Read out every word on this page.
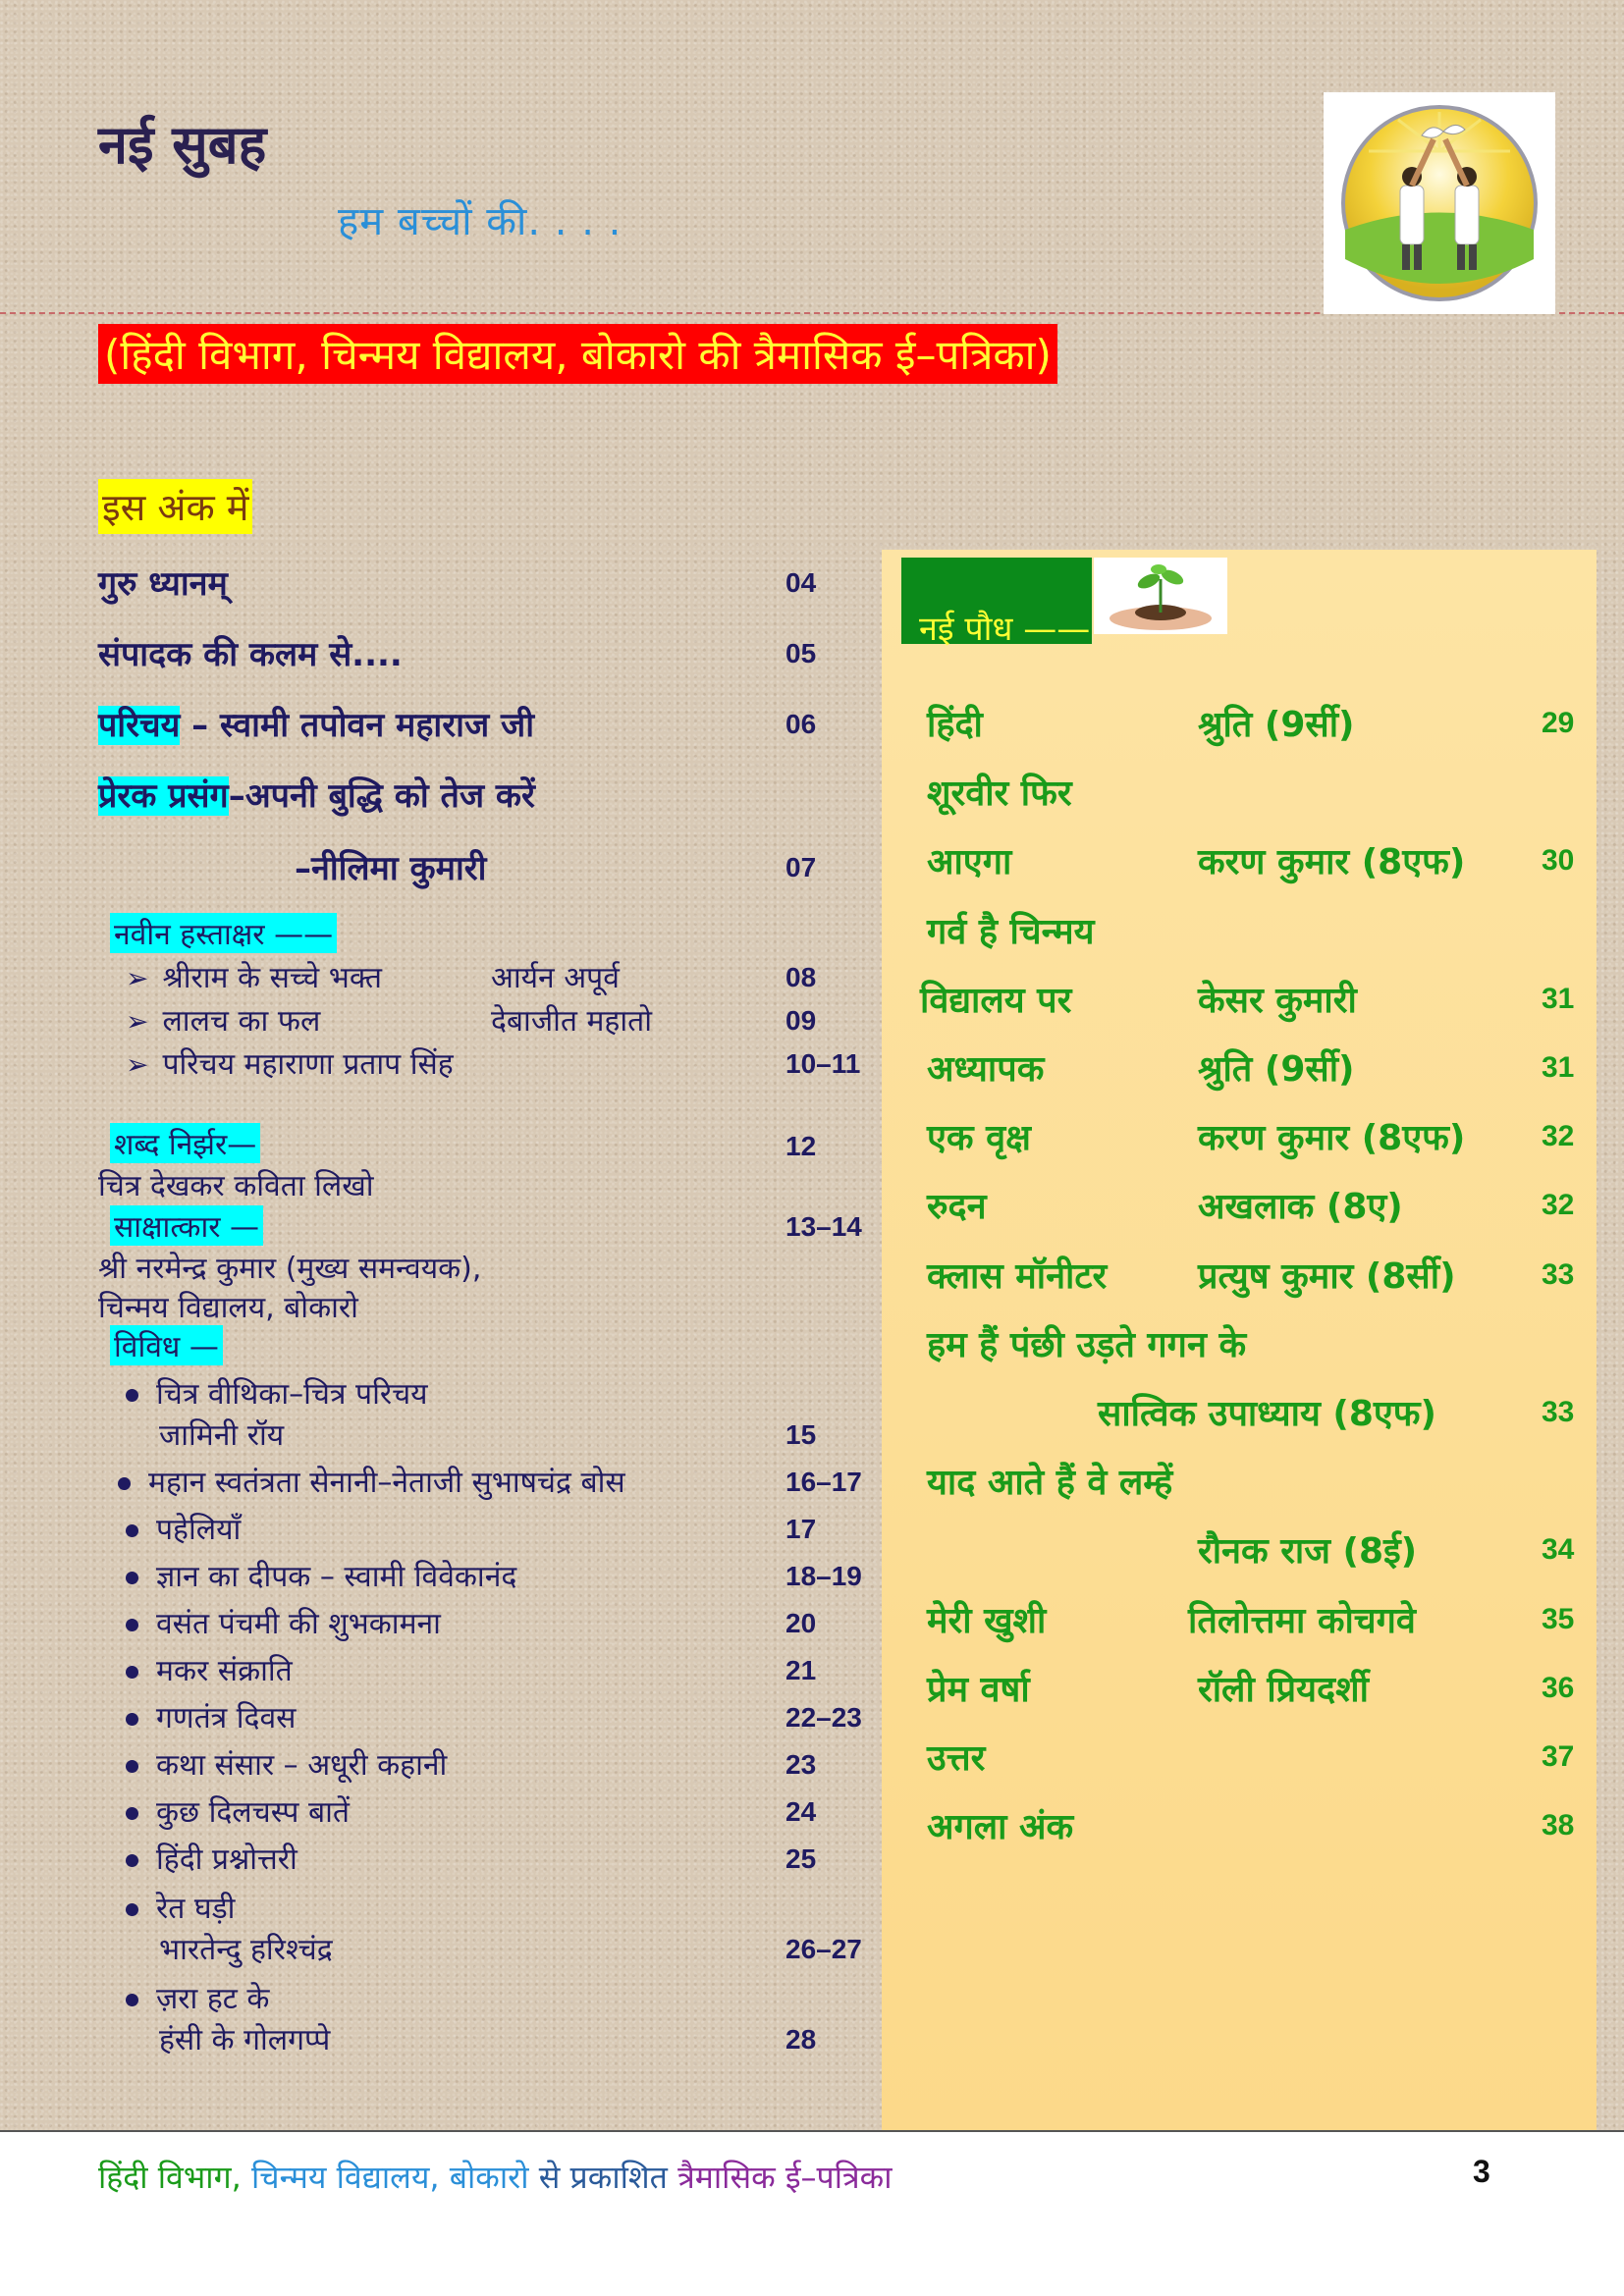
नई सुबह
हम बच्चों की. . . .
(हिंदी विभाग, चिन्मय विद्यालय, बोकारो की त्रैमासिक ई–पत्रिका)
इस अंक में
गुरु ध्यानम्	04
संपादक की कलम से....	05
परिचय – स्वामी तपोवन महाराज जी	06
प्रेरक प्रसंग–अपनी बुद्धि को तेज करें
–नीलिमा कुमारी	07
नवीन हस्ताक्षर ——
➢ श्रीराम के सच्चे भक्त	आर्यन अपूर्व	08
➢ लालच का फल	देबाजीत महातो	09
➢ परिचय महाराणा प्रताप सिंह	10–11
शब्द निर्झर—	12
चित्र देखकर कविता लिखो
साक्षात्कार —	13–14
श्री नरमेन्द्र कुमार (मुख्य समन्वयक),
चिन्मय विद्यालय, बोकारो
विविध —
चित्र वीथिका–चित्र परिचय
जामिनी रॉय	15
महान स्वतंत्रता सेनानी–नेताजी सुभाषचंद्र बोस	16–17
पहेलियाँ	17
ज्ञान का दीपक – स्वामी विवेकानंद	18–19
वसंत पंचमी की शुभकामना	20
मकर संक्राति	21
गणतंत्र दिवस	22–23
कथा संसार – अधूरी कहानी	23
कुछ दिलचस्प बातें	24
हिंदी प्रश्नोत्तरी	25
रेत घड़ी
भारतेन्दु हरिश्चंद्र	26–27
ज़रा हट के
हंसी के गोलगप्पे	28
नई पौध ——
हिंदी	श्रुति (9र्सी)	29
शूरवीर फिर
आएगा	करण कुमार (8एफ)	30
गर्व है चिन्मय
विद्यालय पर	केसर कुमारी	31
अध्यापक	श्रुति (9र्सी)	31
एक वृक्ष	करण कुमार (8एफ)	32
रुदन	अखलाक (8ए)	32
क्लास मॉनीटर	प्रत्युष कुमार (8र्सी)	33
हम हैं पंछी उड़ते गगन के
सात्विक उपाध्याय (8एफ)	33
याद आते हैं वे लम्हें
रौनक राज (8ई)	34
मेरी खुशी	तिलोत्तमा कोचगवे	35
प्रेम वर्षा	रॉली प्रियदर्शी	36
उत्तर	37
अगला अंक	38
हिंदी विभाग, चिन्मय विद्यालय, बोकारो से प्रकाशित त्रैमासिक ई–पत्रिका	3
